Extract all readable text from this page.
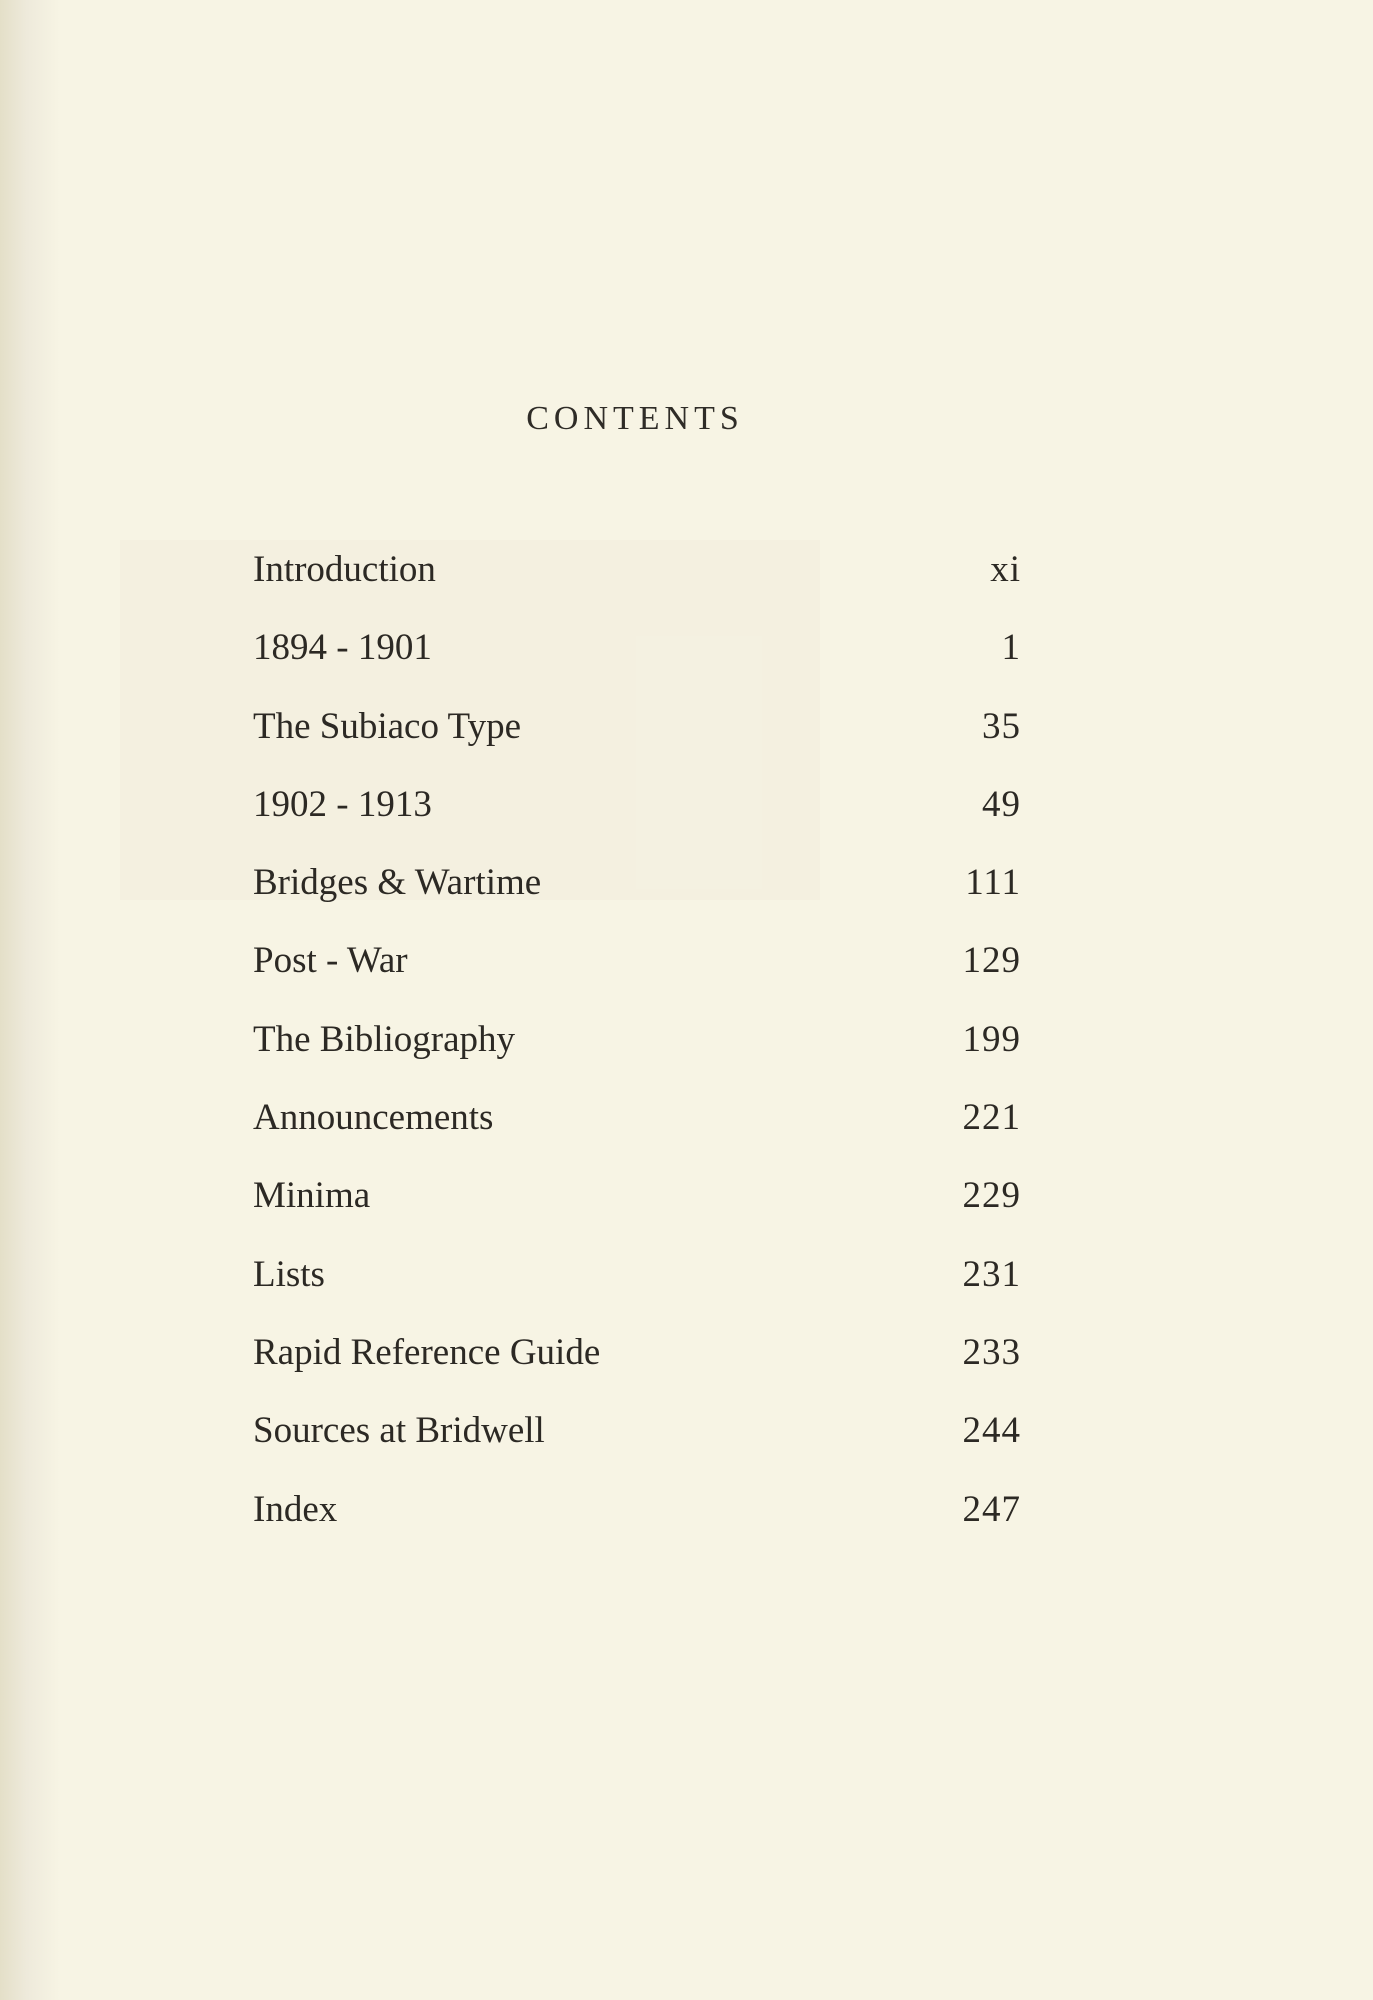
CONTENTS
Introduction	xi
1894 - 1901	1
The Subiaco Type	35
1902 - 1913	49
Bridges & Wartime	111
Post - War	129
The Bibliography	199
Announcements	221
Minima	229
Lists	231
Rapid Reference Guide	233
Sources at Bridwell	244
Index	247
